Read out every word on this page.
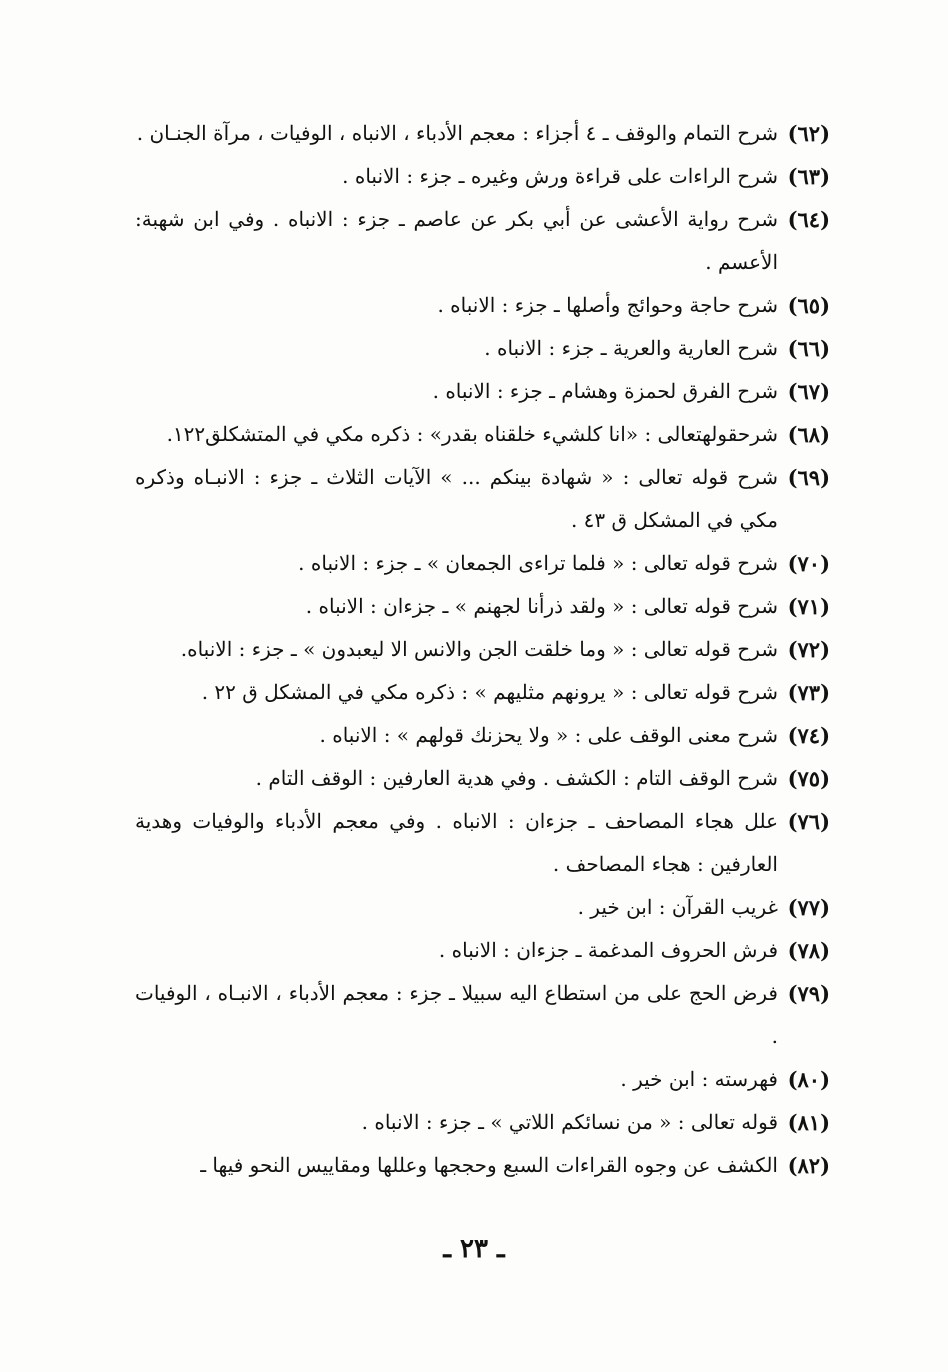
(٦٢)
شرح التمام والوقف ـ ٤ أجزاء : معجم الأدباء ، الانباه ، الوفيات ، مرآة الجنـان .
(٦٣)
شرح الراءات على قراءة ورش وغيره ـ جزء : الانباه .
(٦٤)
شرح رواية الأعشى عن أبي بكر عن عاصم ـ جزء : الانباه . وفي ابن شهبة: الأعسم .
(٦٥)
شرح حاجة وحوائج وأصلها ـ جزء : الانباه .
(٦٦)
شرح العارية والعرية ـ جزء : الانباه .
(٦٧)
شرح الفرق لحمزة وهشام ـ جزء : الانباه .
(٦٨)
شرحقولهتعالى : «انا كلشيء خلقناه بقدر» : ذكره مكي في المتشكلق١٢٢.
(٦٩)
شرح قوله تعالى : « شهادة بينكم ... » الآيات الثلاث ـ جزء : الانبـاه وذكره مكي في المشكل ق ٤٣ .
(٧٠)
شرح قوله تعالى : « فلما تراءى الجمعان » ـ جزء : الانباه .
(٧١)
شرح قوله تعالى : « ولقد ذرأنا لجهنم » ـ جزءان : الانباه .
(٧٢)
شرح قوله تعالى : « وما خلقت الجن والانس الا ليعبدون » ـ جزء : الانباه.
(٧٣)
شرح قوله تعالى : « يرونهم مثليهم » : ذكره مكي في المشكل ق ٢٢ .
(٧٤)
شرح معنى الوقف على : « ولا يحزنك قولهم » : الانباه .
(٧٥)
شرح الوقف التام : الكشف . وفي هدية العارفين : الوقف التام .
(٧٦)
علل هجاء المصاحف ـ جزءان : الانباه . وفي معجم الأدباء والوفيات وهدية العارفين : هجاء المصاحف .
(٧٧)
غريب القرآن : ابن خير .
(٧٨)
فرش الحروف المدغمة ـ جزءان : الانباه .
(٧٩)
فرض الحج على من استطاع اليه سبيلا ـ جزء : معجم الأدباء ، الانبـاه ، الوفيات .
(٨٠)
فهرسته : ابن خير .
(٨١)
قوله تعالى : « من نسائكم اللاتي » ـ جزء : الانباه .
(٨٢)
الكشف عن وجوه القراءات السبع وحججها وعللها ومقاييس النحو فيها ـ
ـ ٢٣ ـ
